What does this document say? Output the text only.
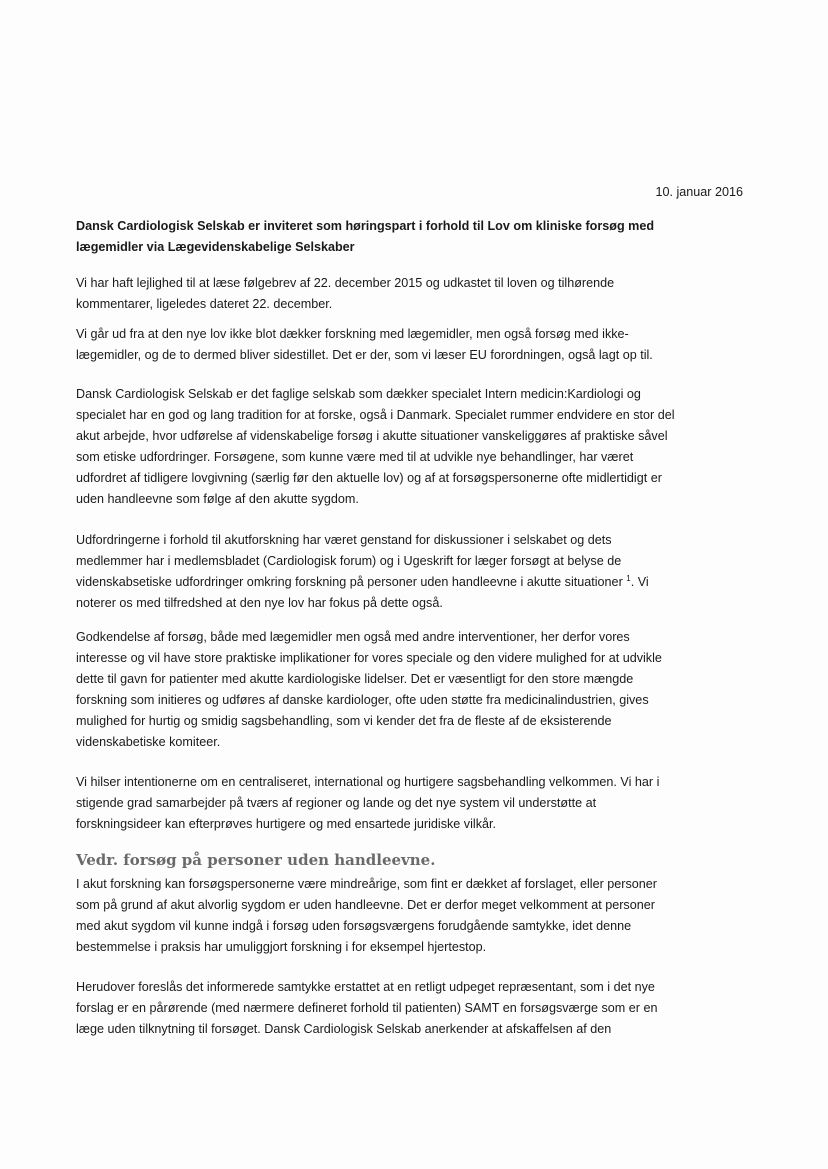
10. januar 2016
Dansk Cardiologisk Selskab er inviteret som høringspart i forhold til Lov om kliniske forsøg med
lægemidler via Lægevidenskabelige Selskaber
Vi har haft lejlighed til at læse følgebrev af 22. december 2015 og udkastet til loven og tilhørende
kommentarer, ligeledes dateret 22. december.
Vi går ud fra at den nye lov ikke blot dækker forskning med lægemidler, men også forsøg med ikke-
lægemidler, og de to dermed bliver sidestillet. Det er der, som vi læser EU forordningen, også lagt op til.
Dansk Cardiologisk Selskab er det faglige selskab som dækker specialet Intern medicin:Kardiologi og
specialet har en god og lang tradition for at forske, også i Danmark. Specialet rummer endvidere en stor del
akut arbejde, hvor udførelse af videnskabelige forsøg i akutte situationer vanskeliggøres af praktiske såvel
som etiske udfordringer. Forsøgene, som kunne være med til at udvikle nye behandlinger, har været
udfordret af tidligere lovgivning (særlig før den aktuelle lov) og af at forsøgspersonerne ofte midlertidigt er
uden handleevne som følge af den akutte sygdom.
Udfordringerne i forhold til akutforskning har været genstand for diskussioner i selskabet og dets
medlemmer har i medlemsbladet (Cardiologisk forum) og i Ugeskrift for læger forsøgt at belyse de
videnskabsetiske udfordringer omkring forskning på personer uden handleevne i akutte situationer $^1$. Vi
noterer os med tilfredshed at den nye lov har fokus på dette også.
Godkendelse af forsøg, både med lægemidler men også med andre interventioner, her derfor vores
interesse og vil have store praktiske implikationer for vores speciale og den videre mulighed for at udvikle
dette til gavn for patienter med akutte kardiologiske lidelser. Det er væsentligt for den store mængde
forskning som initieres og udføres af danske kardiologer, ofte uden støtte fra medicinalindustrien, gives
mulighed for hurtig og smidig sagsbehandling, som vi kender det fra de fleste af de eksisterende
videnskabetiske komiteer.
Vi hilser intentionerne om en centraliseret, international og hurtigere sagsbehandling velkommen. Vi har i
stigende grad samarbejder på tværs af regioner og lande og det nye system vil understøtte at
forskningsideer kan efterprøves hurtigere og med ensartede juridiske vilkår.
Vedr. forsøg på personer uden handleevne.
I akut forskning kan forsøgspersonerne være mindreårige, som fint er dækket af forslaget, eller personer
som på grund af akut alvorlig sygdom er uden handleevne. Det er derfor meget velkomment at personer
med akut sygdom vil kunne indgå i forsøg uden forsøgsværgens forudgående samtykke, idet denne
bestemmelse i praksis har umuliggjort forskning i for eksempel hjertestop.
Herudover foreslås det informerede samtykke erstattet at en retligt udpeget repræsentant, som i det nye
forslag er en pårørende (med nærmere defineret forhold til patienten) SAMT en forsøgsværge som er en
læge uden tilknytning til forsøget. Dansk Cardiologisk Selskab anerkender at afskaffelsen af den
